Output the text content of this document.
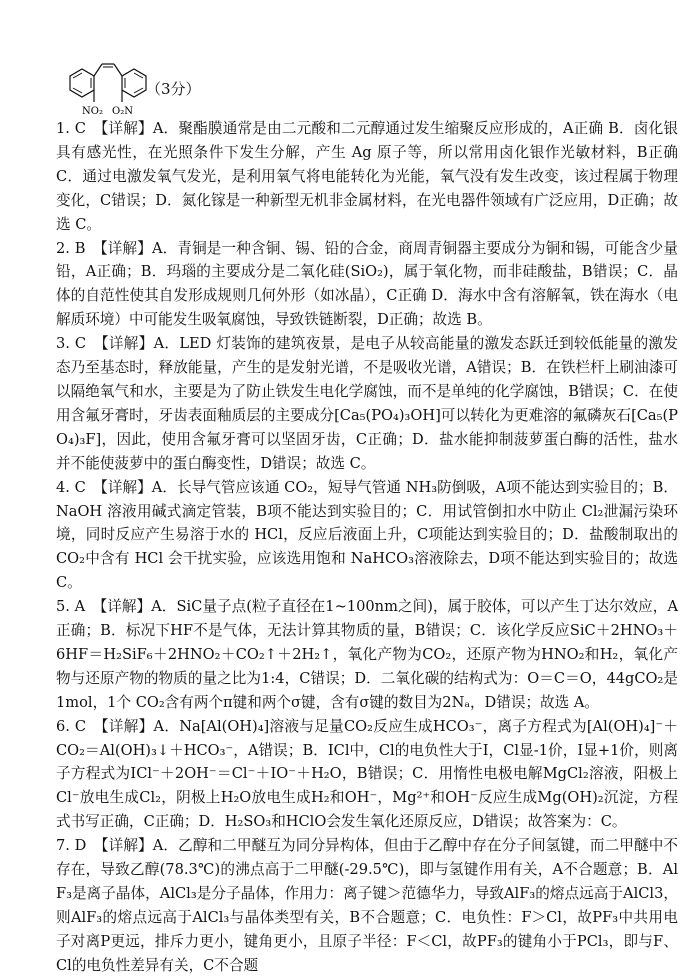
NO₂ O₂N
（3分）

1. C　 【详解】A．聚酯膜通常是由二元酸和二元醇通过发生缩聚反应形成的，A正确 B．卤化银具有感光性，在光照条件下发生分解，产生 Ag 原子等，所以常用卤化银作光敏材料，B正确 C．通过电激发氧气发光，是利用氧气将电能转化为光能，氧气没有发生改变，该过程属于物理变化，C错误；D．氮化镓是一种新型无机非金属材料，在光电器件领域有广泛应用，D正确；故选 C。

2. B　 【详解】A．青铜是一种含铜、锡、铅的合金，商周青铜器主要成分为铜和锡，可能含少量铅，A正确；B．玛瑙的主要成分是二氧化硅(SiO₂)，属于氧化物，而非硅酸盐，B错误；C．晶体的自范性使其自发形成规则几何外形（如冰晶），C正确 D．海水中含有溶解氧，铁在海水（电解质环境）中可能发生吸氧腐蚀，导致铁链断裂，D正确；故选 B。

3. C　 【详解】A．LED 灯装饰的建筑夜景，是电子从较高能量的激发态跃迁到较低能量的激发态乃至基态时，释放能量，产生的是发射光谱，不是吸收光谱，A错误；B．在铁栏杆上刷油漆可以隔绝氧气和水，主要是为了防止铁发生电化学腐蚀，而不是单纯的化学腐蚀，B错误；C．在使用含氟牙膏时，牙齿表面釉质层的主要成分[Ca₅(PO₄)₃OH]可以转化为更难溶的氟磷灰石[Ca₅(PO₄)₃F]，因此，使用含氟牙膏可以坚固牙齿，C正确；D．盐水能抑制菠萝蛋白酶的活性，盐水并不能使菠萝中的蛋白酶变性，D错误；故选 C。

4. C　 【详解】A．长导气管应该通 CO₂，短导气管通 NH₃防倒吸，A项不能达到实验目的；B．NaOH 溶液用碱式滴定管装，B项不能达到实验目的；C．用试管倒扣水中防止 Cl₂泄漏污染环境，同时反应产生易溶于水的 HCl，反应后液面上升，C项能达到实验目的；D．盐酸制取出的 CO₂中含有 HCl 会干扰实验，应该选用饱和 NaHCO₃溶液除去，D项不能达到实验目的；故选 C。

5. A　 【详解】A．SiC量子点(粒子直径在1~100nm之间)，属于胶体，可以产生丁达尔效应，A正确；B．标况下HF不是气体，无法计算其物质的量，B错误；C．该化学反应SiC＋2HNO₃＋6HF＝H₂SiF₆＋2HNO₂＋CO₂↑＋2H₂↑，氧化产物为CO₂，还原产物为HNO₂和H₂，氧化产物与还原产物的物质的量之比为1:4，C错误；D．二氧化碳的结构式为：O＝C＝O，44gCO₂是1mol，1个 CO₂含有两个π键和两个σ键，含有σ键的数目为2Nₐ，D错误；故选 A。

6. C　 【详解】A．Na[Al(OH)₄]溶液与足量CO₂反应生成HCO₃⁻，离子方程式为[Al(OH)₄]⁻＋CO₂＝Al(OH)₃↓＋HCO₃⁻，A错误；B．ICl中，Cl的电负性大于I，Cl显-1价，I显+1价，则离子方程式为ICl⁻＋2OH⁻＝Cl⁻＋IO⁻＋H₂O，B错误；C．用惰性电极电解MgCl₂溶液，阳极上Cl⁻放电生成Cl₂，阴极上H₂O放电生成H₂和OH⁻，Mg²⁺和OH⁻反应生成Mg(OH)₂沉淀，方程式书写正确，C正确；D．H₂SO₃和HClO会发生氧化还原反应，D错误；故答案为：C。

7. D　 【详解】A．乙醇和二甲醚互为同分异构体，但由于乙醇中存在分子间氢键，而二甲醚中不存在，导致乙醇(78.3℃)的沸点高于二甲醚(-29.5℃)，即与氢键作用有关，A不合题意；B．AlF₃是离子晶体，AlCl₃是分子晶体，作用力：离子键＞范德华力，导致AlF₃的熔点远高于AlCl3，则AlF₃的熔点远高于AlCl₃与晶体类型有关，B不合题意；C．电负性：F＞Cl，故PF₃中共用电子对离P更远，排斥力更小，键角更小，且原子半径：F＜Cl，故PF₃的键角小于PCl₃，即与F、Cl的电负性差异有关，C不合题
